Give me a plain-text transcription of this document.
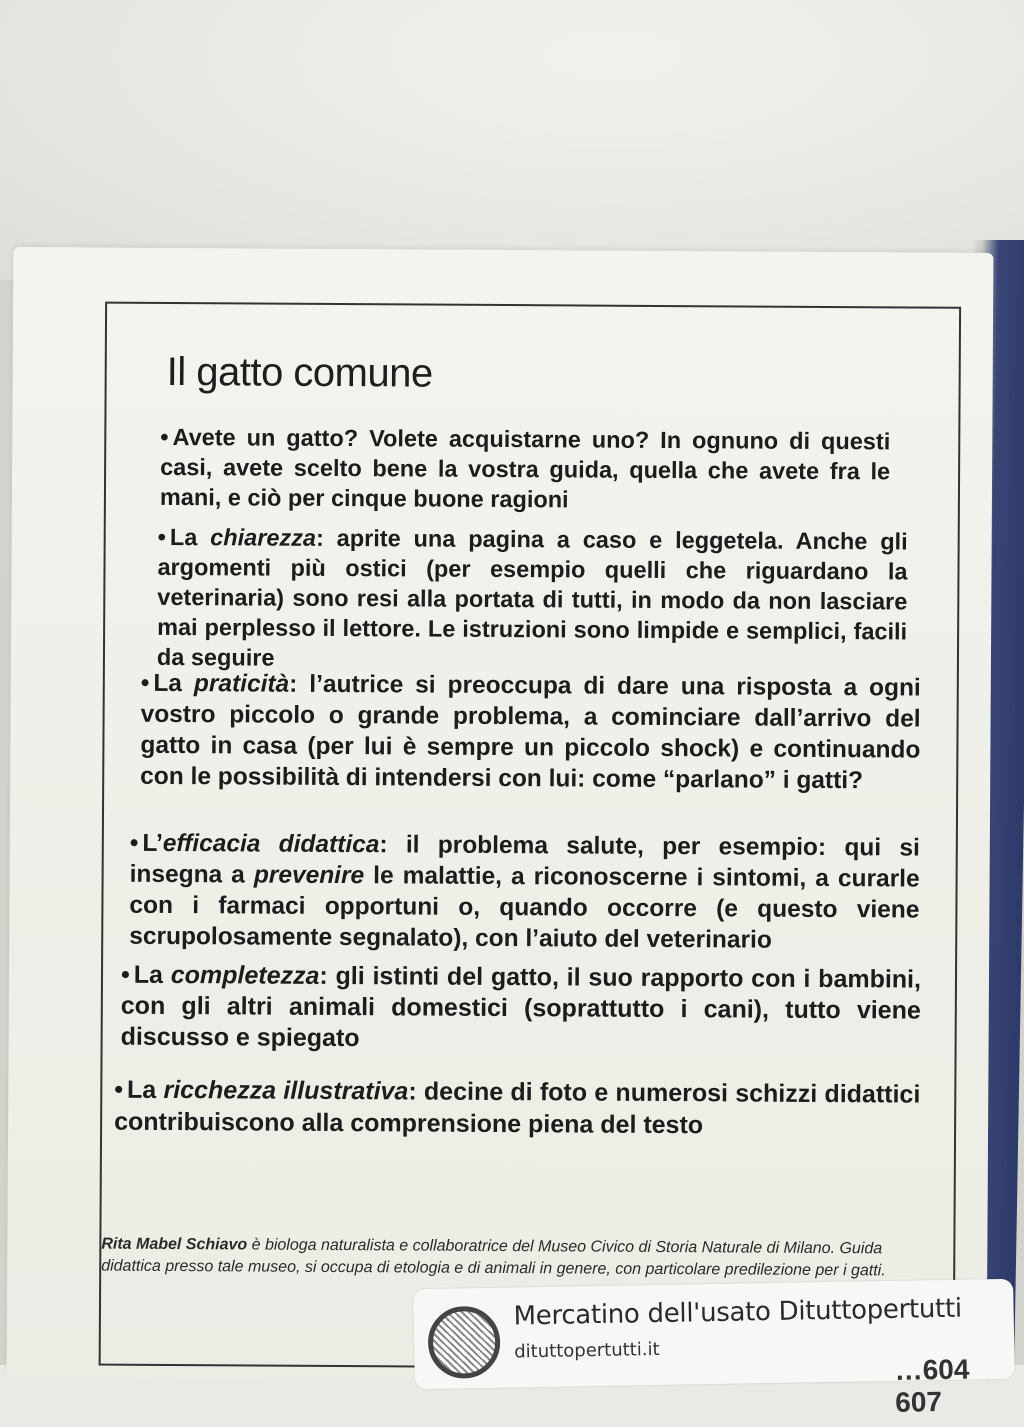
Il gatto comune

• Avete un gatto? Volete acquistarne uno? In ognuno di questi casi, avete scelto bene la vostra guida, quella che avete fra le mani, e ciò per cinque buone ragioni

• La chiarezza: aprite una pagina a caso e leggetela. Anche gli argomenti più ostici (per esempio quelli che riguardano la veterinaria) sono resi alla portata di tutti, in modo da non lasciare mai perplesso il lettore. Le istruzioni sono limpide e semplici, facili da seguire

• La praticità: l’autrice si preoccupa di dare una risposta a ogni vostro piccolo o grande problema, a cominciare dall’arrivo del gatto in casa (per lui è sempre un piccolo shock) e continuando con le possibilità di intendersi con lui: come “parlano” i gatti?

• L’efficacia didattica: il problema salute, per esempio: qui si insegna a prevenire le malattie, a riconoscerne i sintomi, a curarle con i farmaci opportuni o, quando occorre (e questo viene scrupolosamente segnalato), con l’aiuto del veterinario

• La completezza: gli istinti del gatto, il suo rapporto con i bambini, con gli altri animali domestici (soprattutto i cani), tutto viene discusso e spiegato

• La ricchezza illustrativa: decine di foto e numerosi schizzi didattici contribuiscono alla comprensione piena del testo

Rita Mabel Schiavo è biologa naturalista e collaboratrice del Museo Civico di Storia Naturale di Milano. Guida didattica presso tale museo, si occupa di etologia e di animali in genere, con particolare predilezione per i gatti.

Mercatino dell'usato Dituttopertutti
dituttopertutti.it
…604 607
